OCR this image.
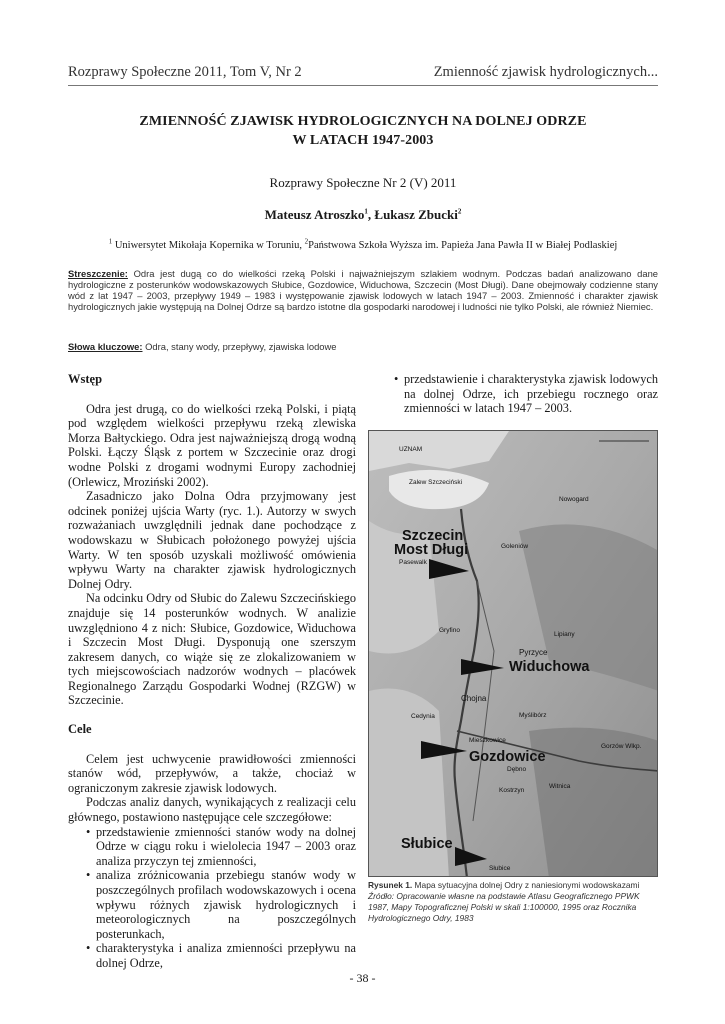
Rozprawy Społeczne 2011, Tom V, Nr 2	Zmienność zjawisk hydrologicznych...
ZMIENNOŚĆ ZJAWISK HYDROLOGICZNYCH NA DOLNEJ ODRZE
W LATACH 1947-2003
Rozprawy Społeczne Nr 2 (V) 2011
Mateusz Atroszko$^1$, Łukasz Zbucki$^2$
$^1$ Uniwersytet Mikołaja Kopernika w Toruniu, $^2$Państwowa Szkoła Wyższa im. Papieża Jana Pawła II w Białej Podlaskiej
Streszczenie: Odra jest dugą co do wielkości rzeką Polski i najważniejszym szlakiem wodnym. Podczas badań analizowano dane hydrologiczne z posterunków wodowskazowych Słubice, Gozdowice, Widuchowa, Szczecin (Most Długi). Dane obejmowały codzienne stany wód z lat 1947 – 2003, przepływy 1949 – 1983 i występowanie zjawisk lodowych w latach 1947 – 2003. Zmienność i charakter zjawisk hydrologicznych jakie występują na Dolnej Odrze są bardzo istotne dla gospodarki narodowej i ludności nie tylko Polski, ale również Niemiec.
Słowa kluczowe: Odra, stany wody, przepływy, zjawiska lodowe
Wstęp

Odra jest drugą, co do wielkości rzeką Polski, i piątą pod względem wielkości przepływu rzeką zlewiska Morza Bałtyckiego. Odra jest najważniejszą drogą wodną Polski. Łączy Śląsk z portem w Szczecinie oraz drogi wodne Polski z drogami wodnymi Europy zachodniej (Orlewicz, Mroziński 2002).

Zasadniczo jako Dolna Odra przyjmowany jest odcinek poniżej ujścia Warty (ryc. 1.). Autorzy w swych rozważaniach uwzględnili jednak dane pochodzące z wodowskazu w Słubicach położonego powyżej ujścia Warty. W ten sposób uzyskali możliwość omówienia wpływu Warty na charakter zjawisk hydrologicznych Dolnej Odry.

Na odcinku Odry od Słubic do Zalewu Szczecińskiego znajduje się 14 posterunków wodnych. W analizie uwzględniono 4 z nich: Słubice, Gozdowice, Widuchowa i Szczecin Most Długi. Dysponują one szerszym zakresem danych, co wiąże się ze zlokalizowaniem w tych miejscowościach nadzorów wodnych – placówek Regionalnego Zarządu Gospodarki Wodnej (RZGW) w Szczecinie.

Cele

Celem jest uchwycenie prawidłowości zmienności stanów wód, przepływów, a także, chociaż w ograniczonym zakresie zjawisk lodowych.

Podczas analiz danych, wynikających z realizacji celu głównego, postawiono następujące cele szczegółowe:

• przedstawienie zmienności stanów wody na dolnej Odrze w ciągu roku i wielolecia 1947 – 2003 oraz analiza przyczyn tej zmienności,
• analiza zróżnicowania przebiegu stanów wody w poszczególnych profilach wodowskazowych i ocena wpływu różnych zjawisk hydrologicznych i meteorologicznych na poszczególnych posterunkach,
• charakterystyka i analiza zmienności przepływu na dolnej Odrze,
• przedstawienie i charakterystyka zjawisk lodowych na dolnej Odrze, ich przebiegu rocznego oraz zmienności w latach 1947 – 2003.
Szczecin
Most Długi
Widuchowa
Gozdowice
Słubice
UZNAM
Zalew Szczeciński
Nowogard
Goleniów
Pasewalk
Pyrzyce
Gryfino
Chojna
Cedynia	Myślibórz
Mieszkowice
Gorzów Wlkp.
Kostrzyn
Witnica
Słubice
Dębno
Lipiany
Rysunek 1. Mapa sytuacyjna dolnej Odry z naniesionymi wodowskazami
Źródło: Opracowanie własne na podstawie Atlasu Geograficznego PPWK 1987, Mapy Topograficznej Polski w skali 1:100000, 1995 oraz Rocznika Hydrologicznego Odry, 1983
- 38 -
